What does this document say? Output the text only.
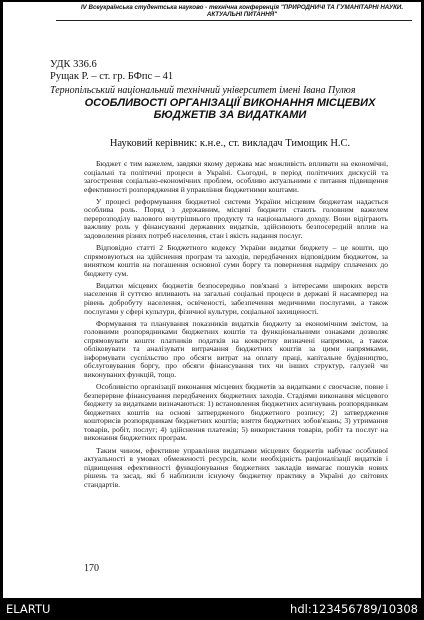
IV Всеукраїнська студентська науково - технічна конференція "ПРИРОДНИЧІ ТА ГУМАНІТАРНІ НАУКИ. АКТУАЛЬНІ ПИТАННЯ"
УДК 336.6
Рущак Р. – ст. гр. БФпс – 41
Тернопільський національний технічний університет імені Івана Пулюя
ОСОБЛИВОСТІ ОРГАНІЗАЦІЇ ВИКОНАННЯ МІСЦЕВИХ БЮДЖЕТІВ ЗА ВИДАТКАМИ
Науковий керівник: к.н.е., ст. викладач Тимощик Н.С.

Бюджет є тим важелем, завдяки якому держава має можливість впливати на економічні, соціальні та політичні процеси в Україні. Сьогодні, в період політичних дискусій та загострення соціально-економічних проблем, особливо актуальними є питання підвищення ефективності розпорядження й управління бюджетними коштами.

У процесі реформування бюджетної системи України місцевим бюджетам надається особлива роль. Поряд з державним, місцеві бюджети стають головним важелем перерозподілу валового внутрішнього продукту та національного доходу. Вони відіграють важливу роль у фінансуванні державних видатків, здійснюють безпосередній вплив на задоволення різних потреб населення, стан і якість надання послуг.

Відповідно статті 2 Бюджетного кодексу України видатки бюджету – це кошти, що спрямовуються на здійснення програм та заходів, передбачених відповідним бюджетом, за винятком коштів на погашення основної суми боргу та повернення надміру сплачених до бюджету сум.

Видатки місцевих бюджетів безпосередньо пов'язані з інтересами широких верств населення й суттєво впливають на загальні соціальні процеси в державі й насамперед на рівень добробуту населення, освіченості, забезпечення медичними послугами, а також послугами у сфері культури, фізичної культури, соціальної захищеності.

Формування та планування показників видатків бюджету за економічним змістом, за головними розпорядниками бюджетних коштів та функціональними ознаками дозволяє спрямовувати кошти платників податків на конкретну визначені напрямки, а також обліковувати та аналізувати витрачання бюджетних коштів за цими напрямками, інформувати суспільство про обсяги витрат на оплату праці, капітальне будівництво, обслуговування боргу, про обсяги фінансування тих чи інших структур, галузей чи виконуваних функцій, тощо.

Особливістю організації виконання місцевих бюджетів за видатками є своєчасне, повне і безперервне фінансування передбачених бюджетних заходів. Стадіями виконання місцевого бюджету за видатками визначаються: 1) встановлення бюджетних асигнувань розпорядникам бюджетних коштів на основі затвердженого бюджетного розпису; 2) затвердження кошторисів розпорядникам бюджетних коштів; взяття бюджетних зобов'язань; 3) утримання товарів, робіт, послуг; 4) здійснення платежів; 5) використання товарів, робіт та послуг на виконання бюджетних програм.

Таким чином, ефективне управління видатками місцевих бюджетів набуває особливої актуальності в умовах обмеженості ресурсів, коли необхідність раціоналізації видатків і підвищення ефективності функціонування бюджетних закладів вимагає пошуків нових рішень та засад, які б наблизили існуючу бюджетну практику в Україні до світових стандартів.

170
ELARTU	hdl:123456789/10308
